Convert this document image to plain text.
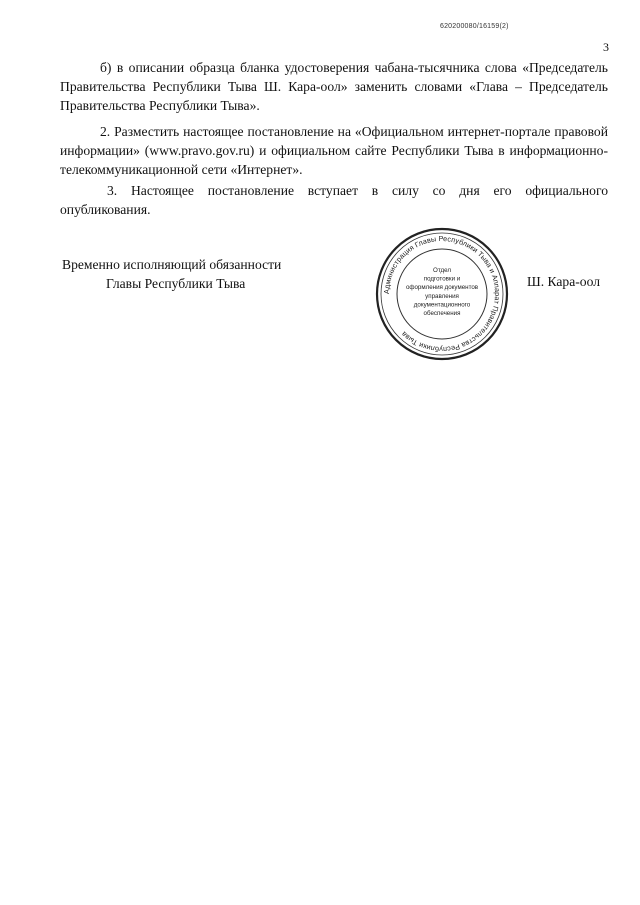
620200080/16159(2)
3
б) в описании образца бланка удостоверения чабана-тысячника слова «Председатель Правительства Республики Тыва Ш. Кара-оол» заменить словами «Глава – Председатель Правительства Республики Тыва».
2. Разместить настоящее постановление на «Официальном интернет-портале правовой информации» (www.pravo.gov.ru) и официальном сайте Республики Тыва в информационно-телекоммуникационной сети «Интернет».
3. Настоящее постановление вступает в силу со дня его официального опубликования.
Временно исполняющий обязанности
Главы Республики Тыва	Ш. Кара-оол
Администрация Главы Республики Тыва и Аппарат Правительства Республики Тыва
Отдел
подготовки и
оформления документов
управления
документационного
обеспечения
